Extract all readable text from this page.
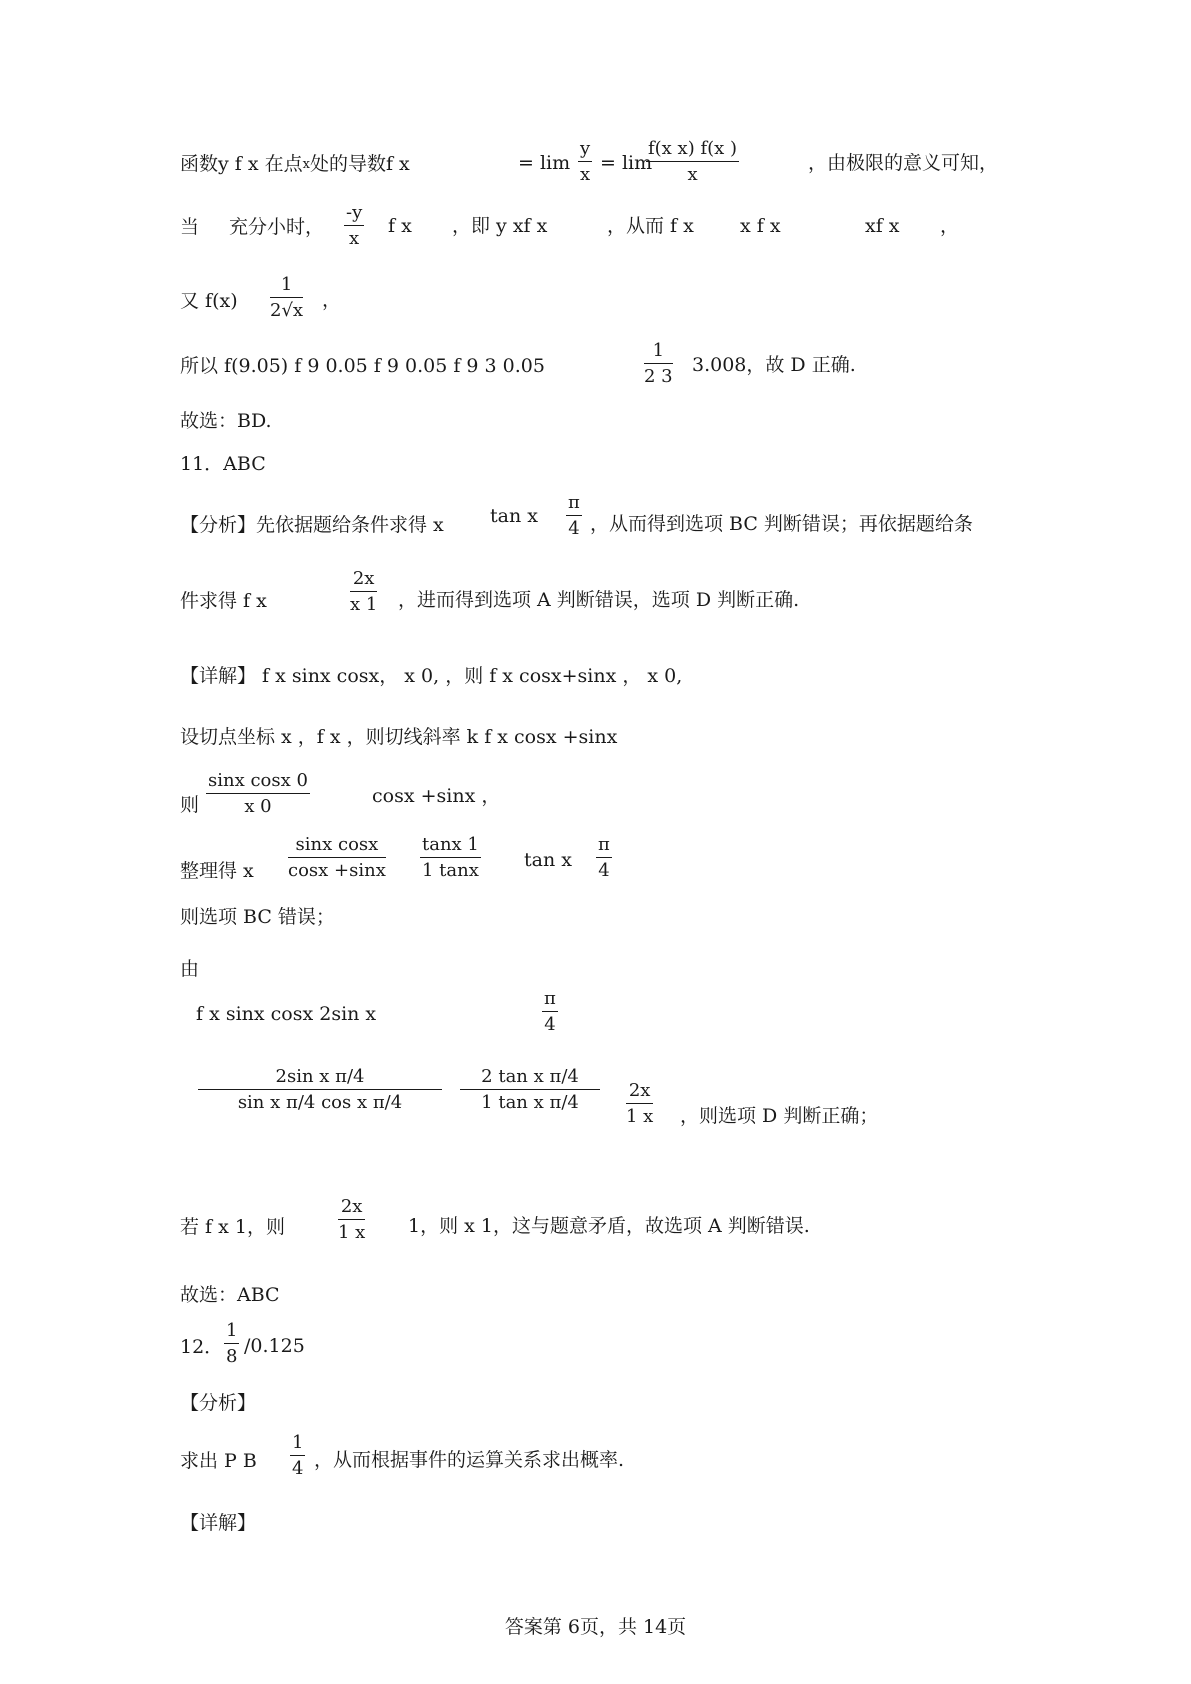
函数y f x 在点x处的导数f x	= $\lim \frac{y}{x} = \lim$
$\frac{\text{f(x x) f(x )}}{x}$	，由极限的意义可知，
当 充分小时， $\frac{-y}{x}$ f x ，即 y xf x	，从而 f x x f x	xf x ，
又 $f(x) \frac{1}{2√x}$ ，
所以 f(9.05) f 9 0.05 f 9 0.05 f 9 3 0.05	$\frac{1}{2 3} 3.008$，故 D 正确.
故选：BD.
11．ABC
【分析】先依据题给条件求得 x tan x $\frac{\pi}{4}$ ，从而得到选项 BC 判断错误；再依据题给条
件求得 f x	$\frac{2x}{x 1}$ ，进而得到选项 A 判断错误，选项 D 判断正确.
【详解】 f x sinx cosx， x 0, ，则 f x cosx+sinx ， x 0,
设切点坐标 x ，f x ，则切线斜率 k f x cosx +sinx
则 $\frac{\text{sinx cosx 0}}{x 0}$	cosx +sinx ，
整理得 x $\frac{\text{sinx cosx}}{\cos x +\sin x} \frac{\tan x 1}{1 \tan x}$ tan x $\frac{\pi}{4}$
则选项 BC 错误；
由
f x sinx cosx 2sin x	$\frac{\pi}{4}$
$\frac{\text{2sin x π/4}}{\text{sin x π/4 cos x π/4}} \frac{\text{2 tan x π/4}}{\text{1 tan x π/4}} \frac{2x}{1 x}$ ，则选项 D 判断正确；
若 f x 1，则	$\frac{2x}{1 x} 1$，则 x 1，这与题意矛盾，故选项 A 判断错误.
故选：ABC
12． $\frac{1}{8} /0.125$
【分析】
求出 P B $\frac{1}{4}$ ，从而根据事件的运算关系求出概率.
【详解】
答案第 6页，共 14页
